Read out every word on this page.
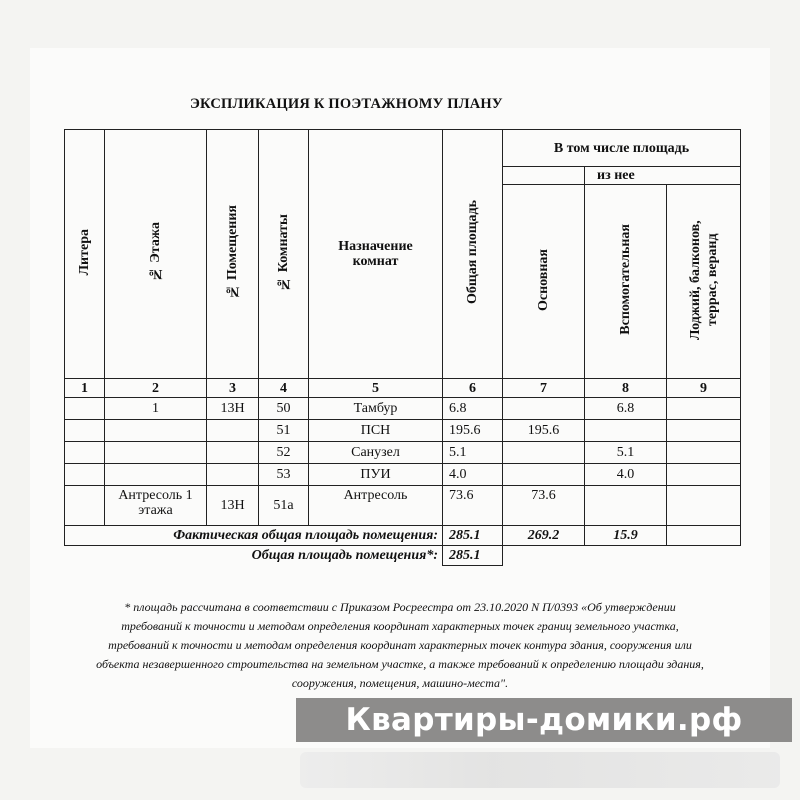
ЭКСПЛИКАЦИЯ К ПОЭТАЖНОМУ ПЛАНУ
Литера	№ Этажа	№ Помещения	№ Комнаты	Назначение комнат	Общая площадь	В том числе площадь		
							из нее	
						Основная	Вспомогательная	Лоджий, балконов, террас, веранд
1	2	3	4	5	6	7	8	9
	1	13Н	50	Тамбур	6.8		6.8	
			51	ПСН	195.6	195.6		
			52	Санузел	5.1		5.1	
			53	ПУИ	4.0		4.0	
	Антресоль 1 этажа	13Н	51а	Антресоль	73.6	73.6		
Фактическая общая площадь помещения:					285.1	269.2	15.9	
Общая площадь помещения*:					285.1			
* площадь рассчитана в соответствии с Приказом Росреестра от 23.10.2020 N П/0393 «Об утверждении
требований к точности и методам определения координат характерных точек границ земельного участка,
требований к точности и методам определения координат характерных точек контура здания, сооружения или
объекта незавершенного строительства на земельном участке, а также требований к определению площади здания,
сооружения, помещения, машино-места".
Квартиры-домики.рф
